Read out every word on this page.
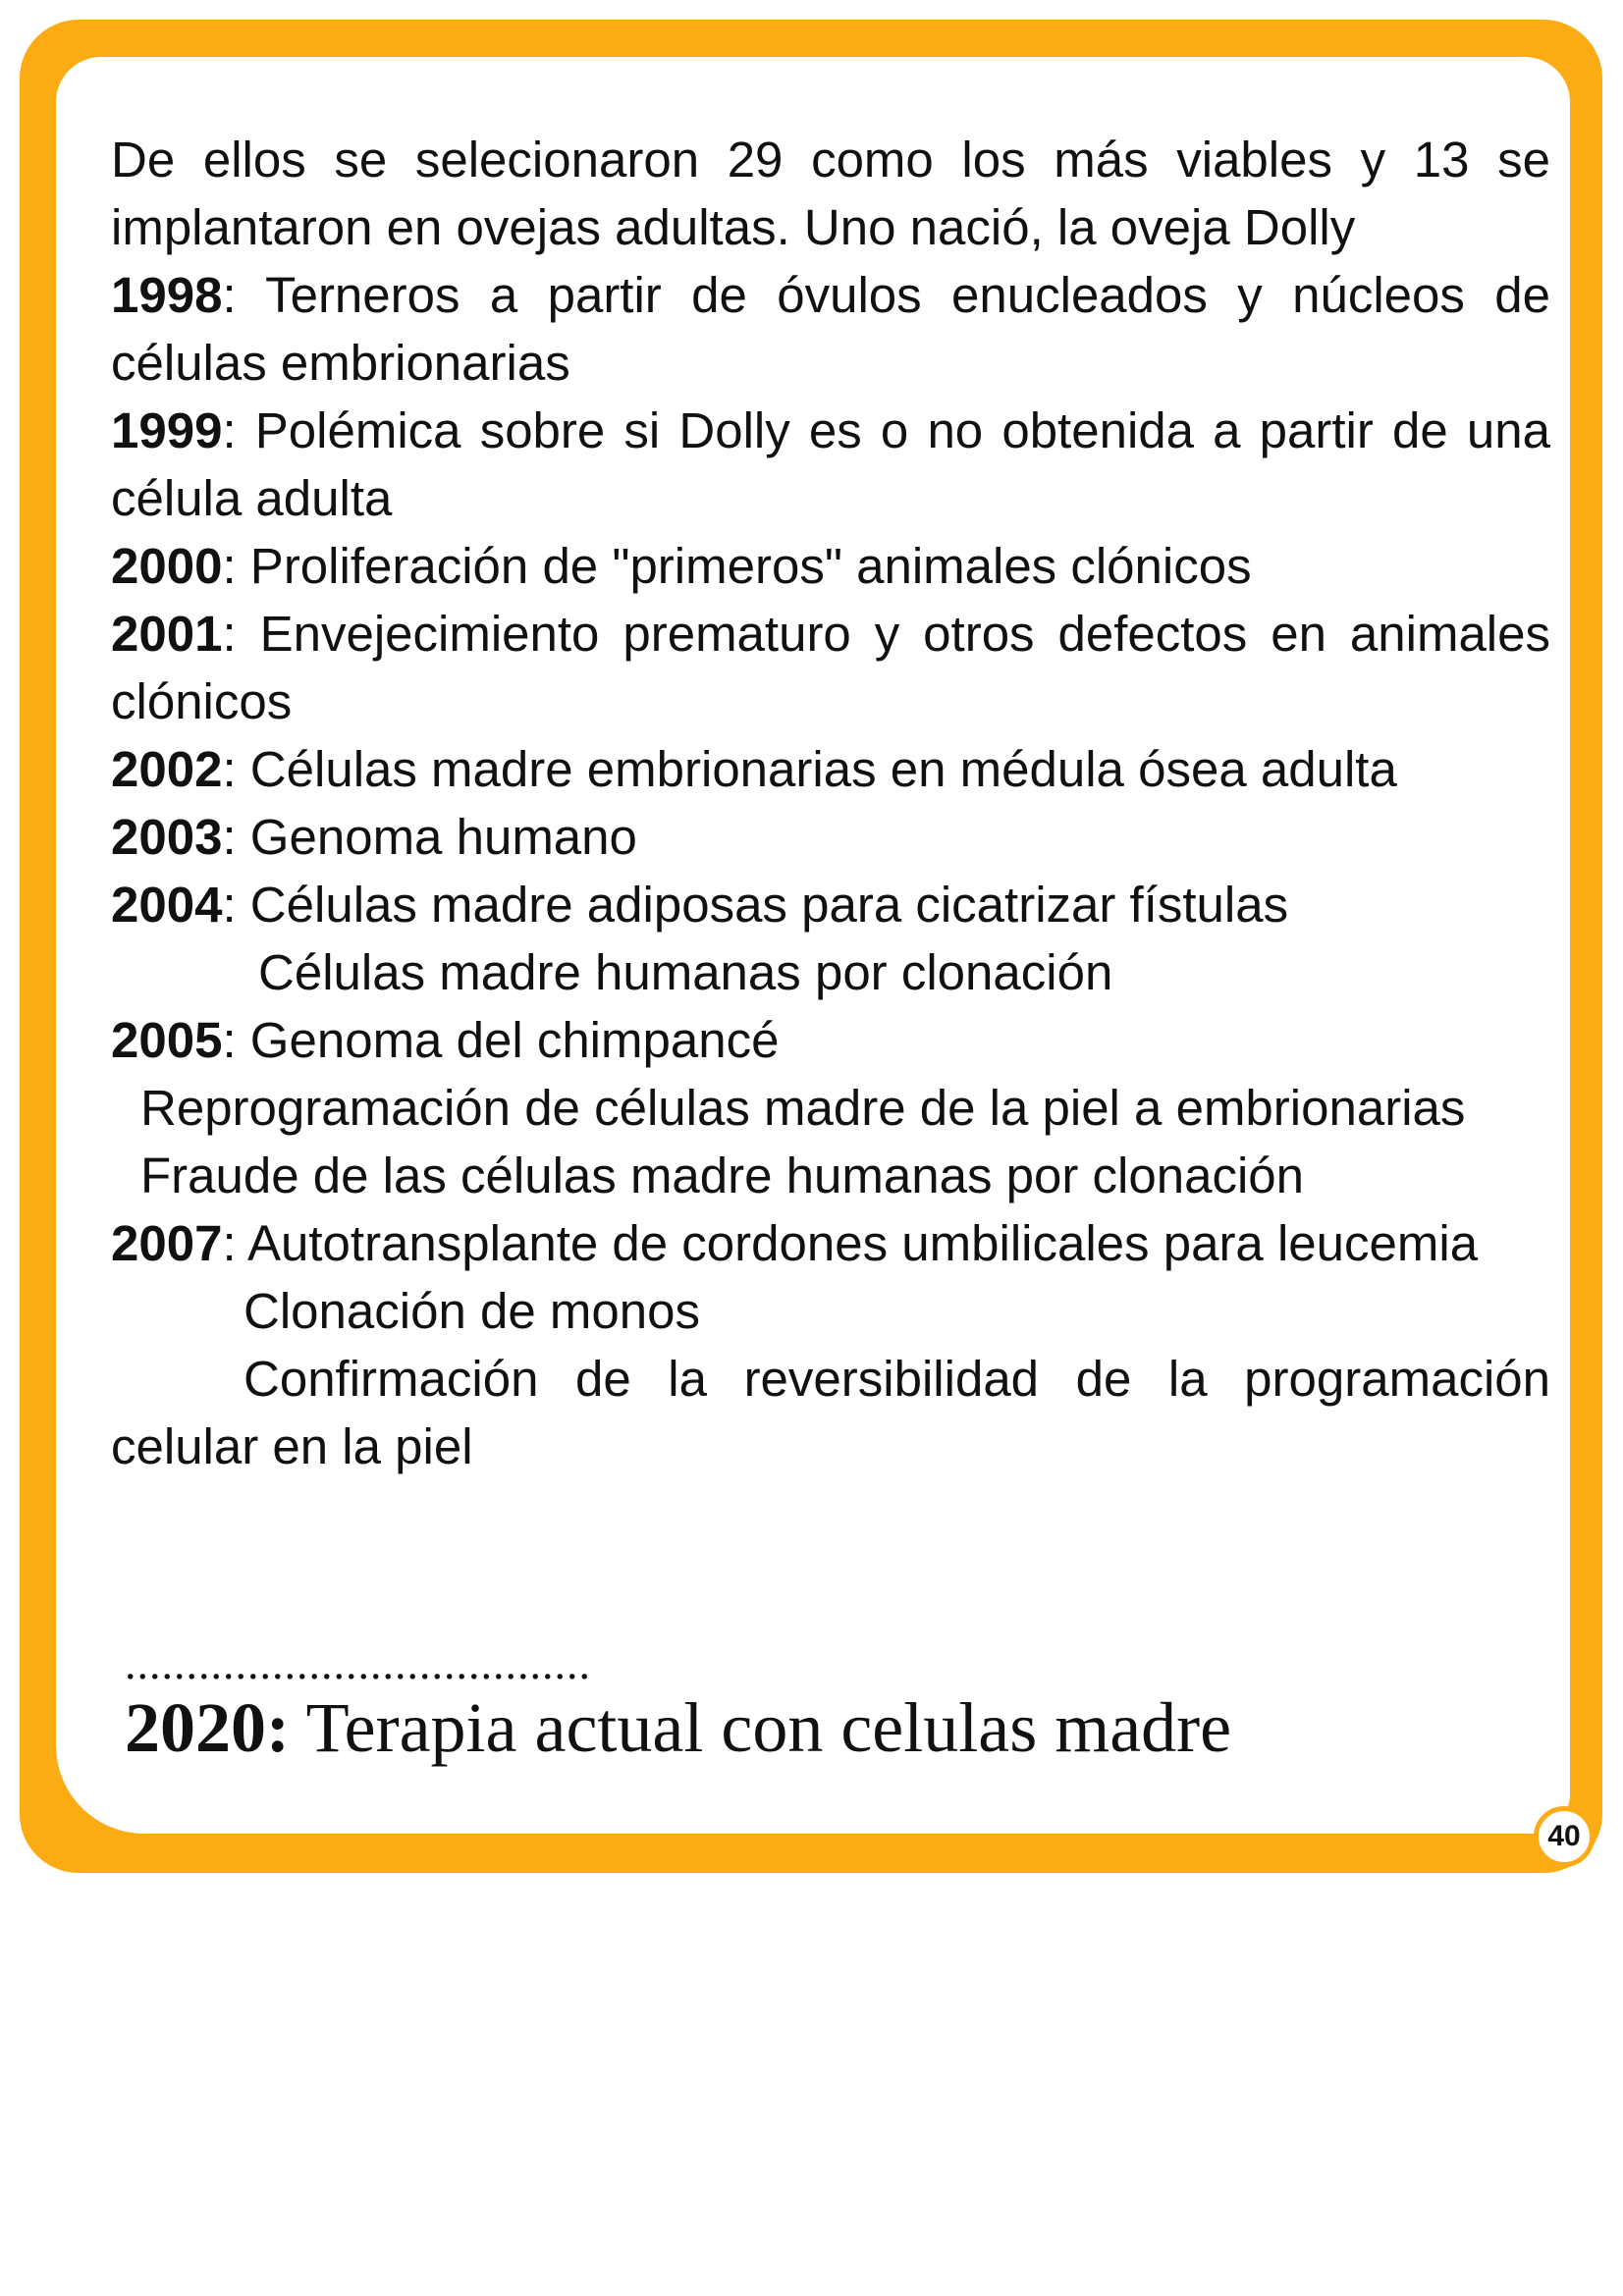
De ellos se selecionaron 29 como los más viables y 13 se

implantaron en ovejas adultas. Uno nació, la oveja Dolly

1998: Terneros a partir de óvulos enucleados y núcleos de células embrionarias

1999: Polémica sobre si Dolly es o no obtenida a partir de una célula adulta

2000: Proliferación de "primeros" animales clónicos

2001: Envejecimiento prematuro y otros defectos en animales clónicos

2002: Células madre embrionarias en médula ósea adulta

2003: Genoma humano

2004: Células madre adiposas para cicatrizar fístulas

Células madre humanas por clonación

2005: Genoma del chimpancé

Reprogramación de células madre de la piel a embrionarias

Fraude de las células madre humanas por clonación

2007: Autotransplante de cordones umbilicales para leucemia

Clonación de monos

Confirmación de la reversibilidad de la programación celular en la piel

......................................
2020: Terapia actual con celulas madre
40
